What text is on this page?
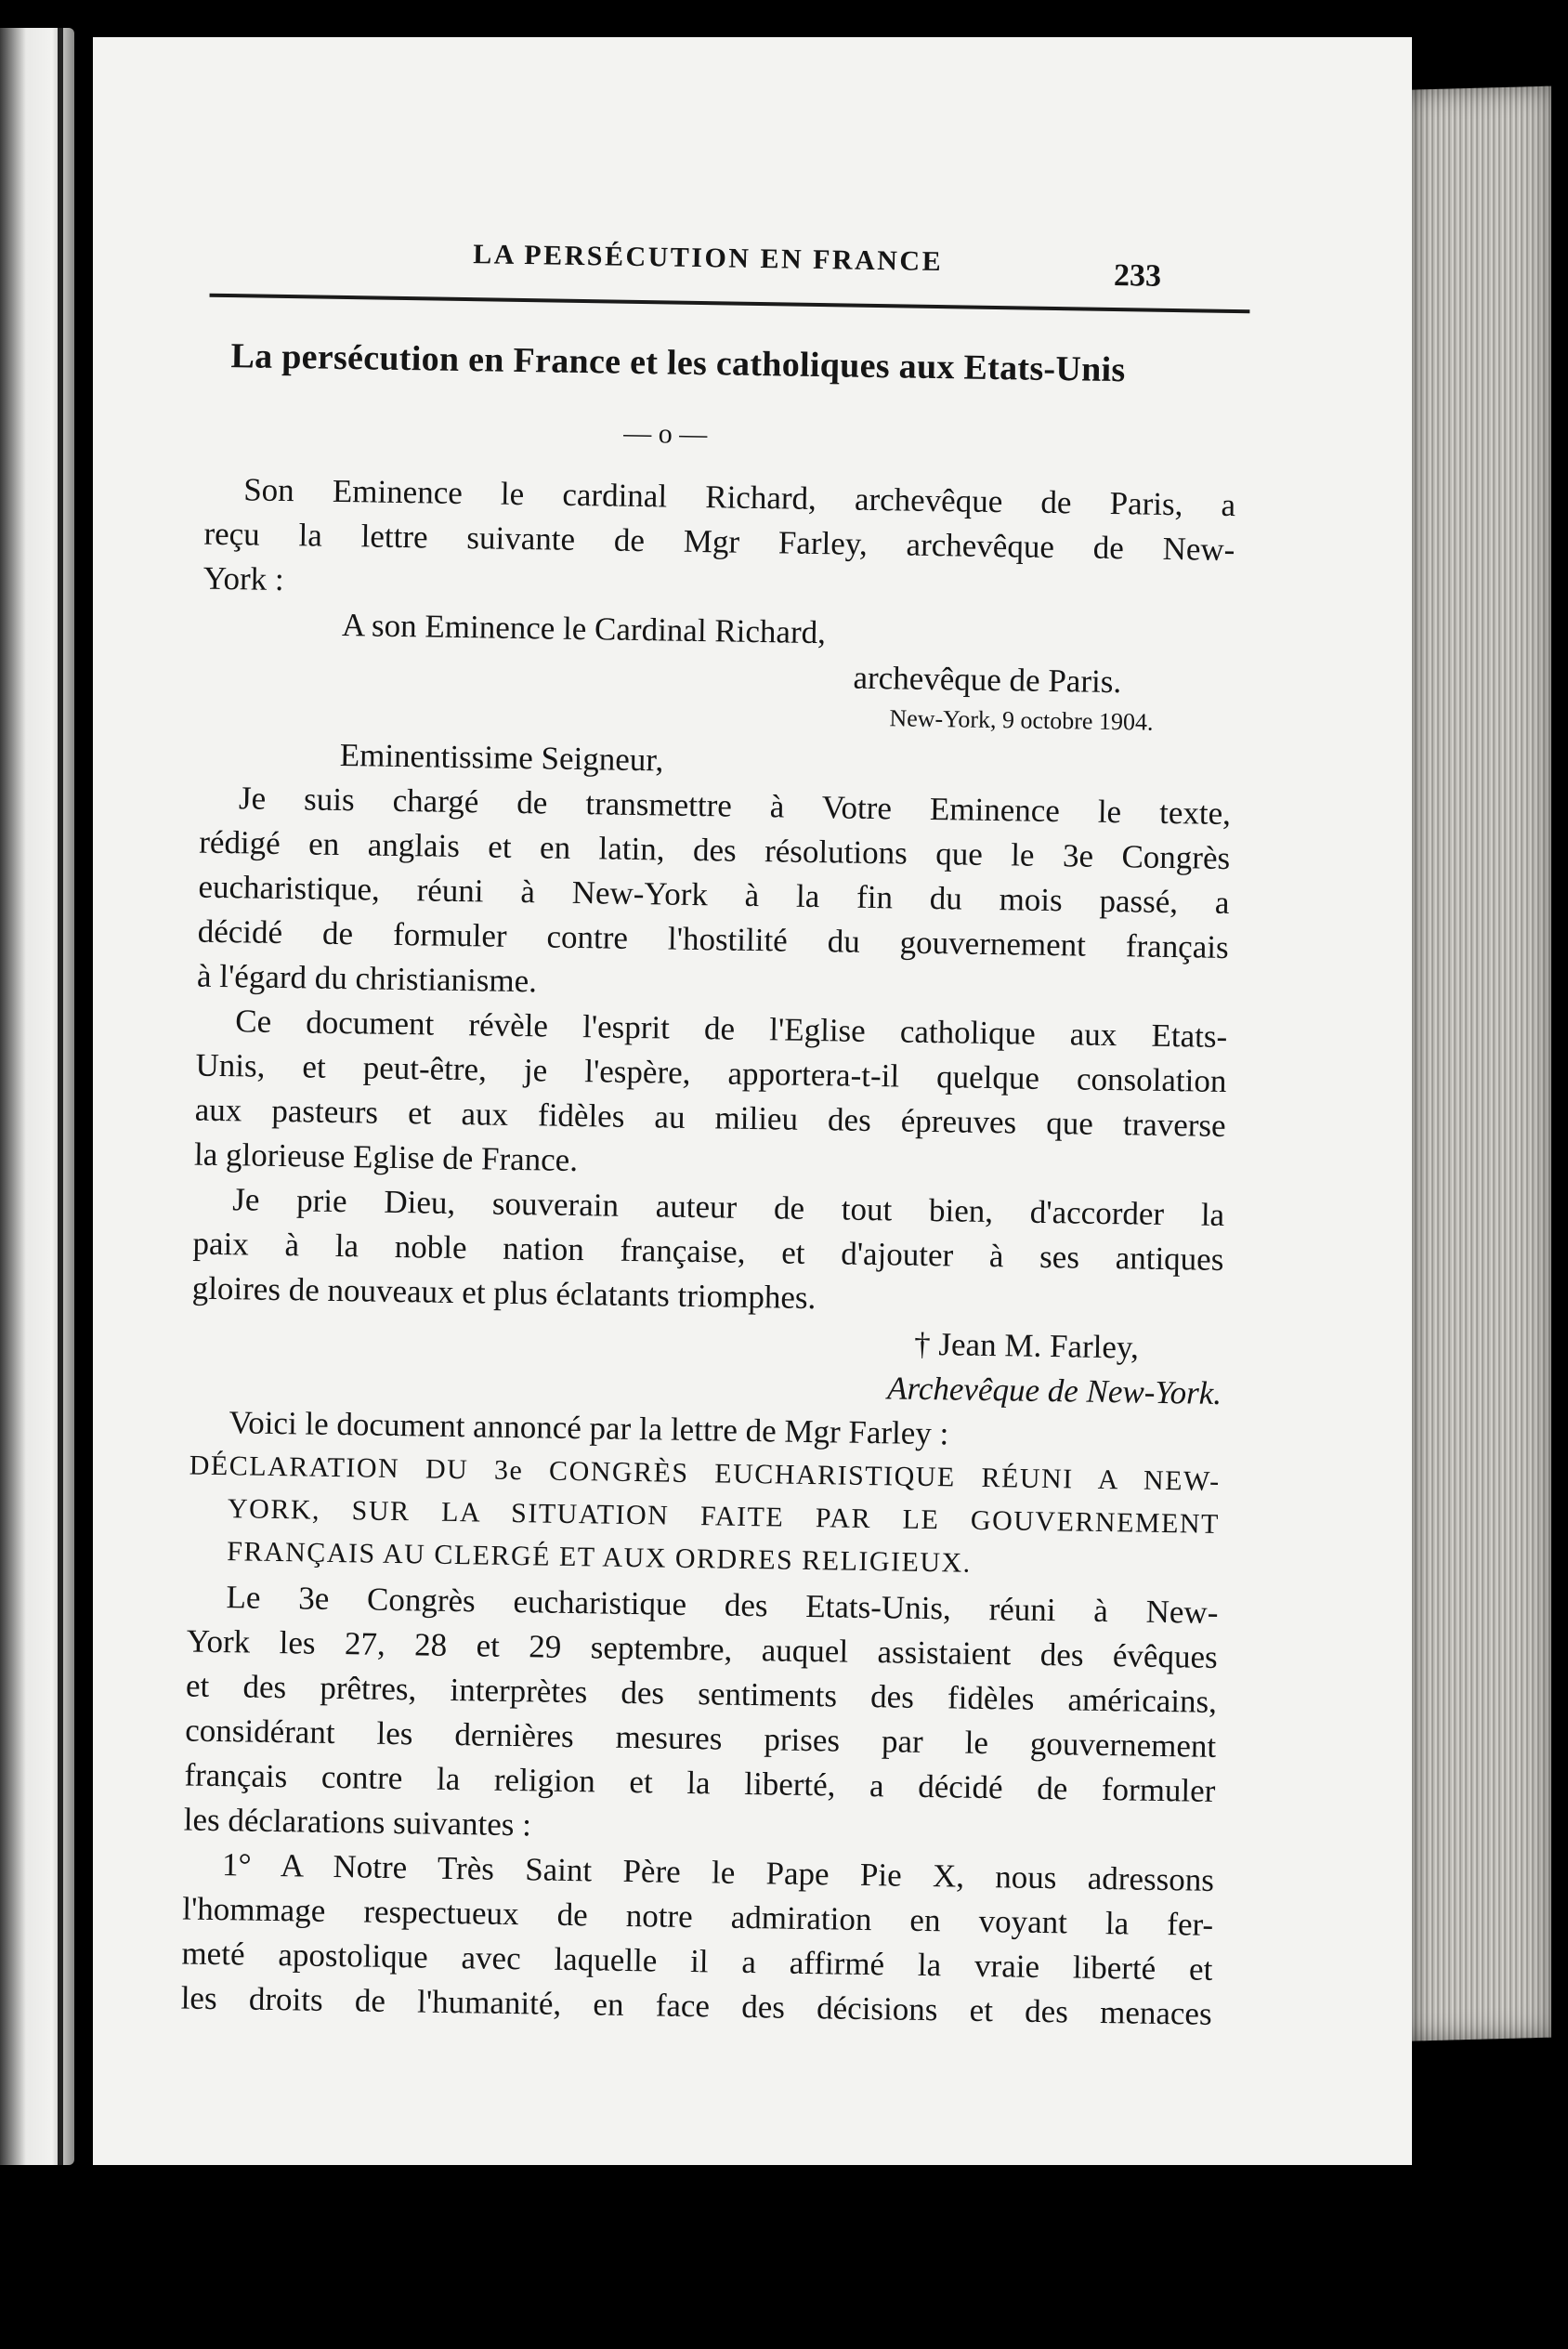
LA PERSÉCUTION EN FRANCE	233
La persécution en France et les catholiques aux Etats-Unis
— o —
Son Eminence le cardinal Richard, archevêque de Paris, a
reçu la lettre suivante de Mgr Farley, archevêque de New-
York :
A son Eminence le Cardinal Richard,
archevêque de Paris.
New-York, 9 octobre 1904.
Eminentissime Seigneur,
Je suis chargé de transmettre à Votre Eminence le texte,
rédigé en anglais et en latin, des résolutions que le 3e Congrès
eucharistique, réuni à New-York à la fin du mois passé, a
décidé de formuler contre l'hostilité du gouvernement français
à l'égard du christianisme.
Ce document révèle l'esprit de l'Eglise catholique aux Etats-
Unis, et peut-être, je l'espère, apportera-t-il quelque consolation
aux pasteurs et aux fidèles au milieu des épreuves que traverse
la glorieuse Eglise de France.
Je prie Dieu, souverain auteur de tout bien, d'accorder la
paix à la noble nation française, et d'ajouter à ses antiques
gloires de nouveaux et plus éclatants triomphes.
† Jean M. Farley,
Archevêque de New-York.
Voici le document annoncé par la lettre de Mgr Farley :
DÉCLARATION DU 3e CONGRÈS EUCHARISTIQUE RÉUNI A NEW-
YORK, SUR LA SITUATION FAITE PAR LE GOUVERNEMENT
FRANÇAIS AU CLERGÉ ET AUX ORDRES RELIGIEUX.
Le 3e Congrès eucharistique des Etats-Unis, réuni à New-
York les 27, 28 et 29 septembre, auquel assistaient des évêques
et des prêtres, interprètes des sentiments des fidèles américains,
considérant les dernières mesures prises par le gouvernement
français contre la religion et la liberté, a décidé de formuler
les déclarations suivantes :
1° A Notre Très Saint Père le Pape Pie X, nous adressons
l'hommage respectueux de notre admiration en voyant la fer-
meté apostolique avec laquelle il a affirmé la vraie liberté et
les droits de l'humanité, en face des décisions et des menaces
